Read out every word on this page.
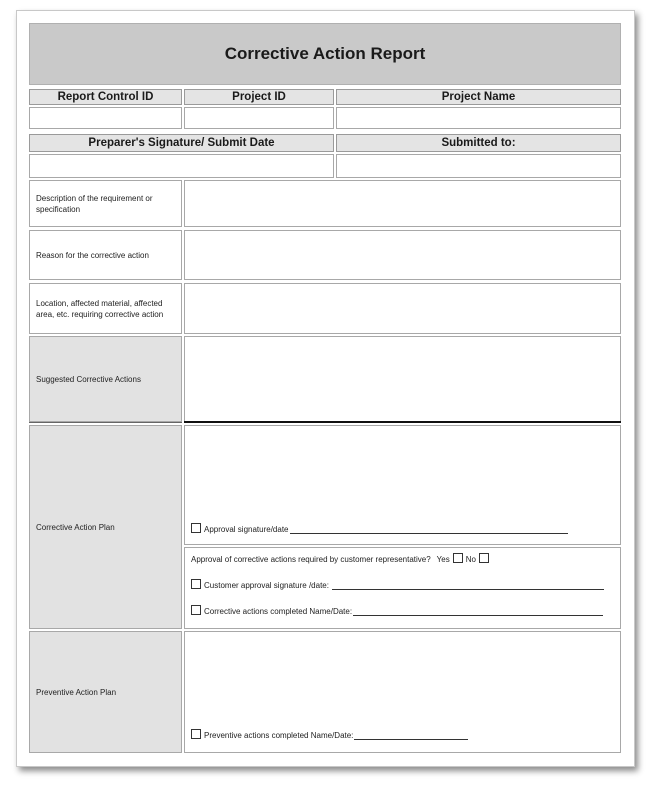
Corrective Action Report
Report Control ID	Project ID	Project Name
Preparer's Signature/ Submit Date	Submitted to:
Description of the requirement or specification
Reason for the corrective action
Location, affected material, affected area, etc. requiring corrective action
Suggested Corrective Actions
Corrective Action Plan	Approval signature/date
Approval of corrective actions required by customer representative? Yes No
Customer approval signature /date:
Corrective actions completed Name/Date:
Preventive Action Plan
Preventive actions completed Name/Date:
